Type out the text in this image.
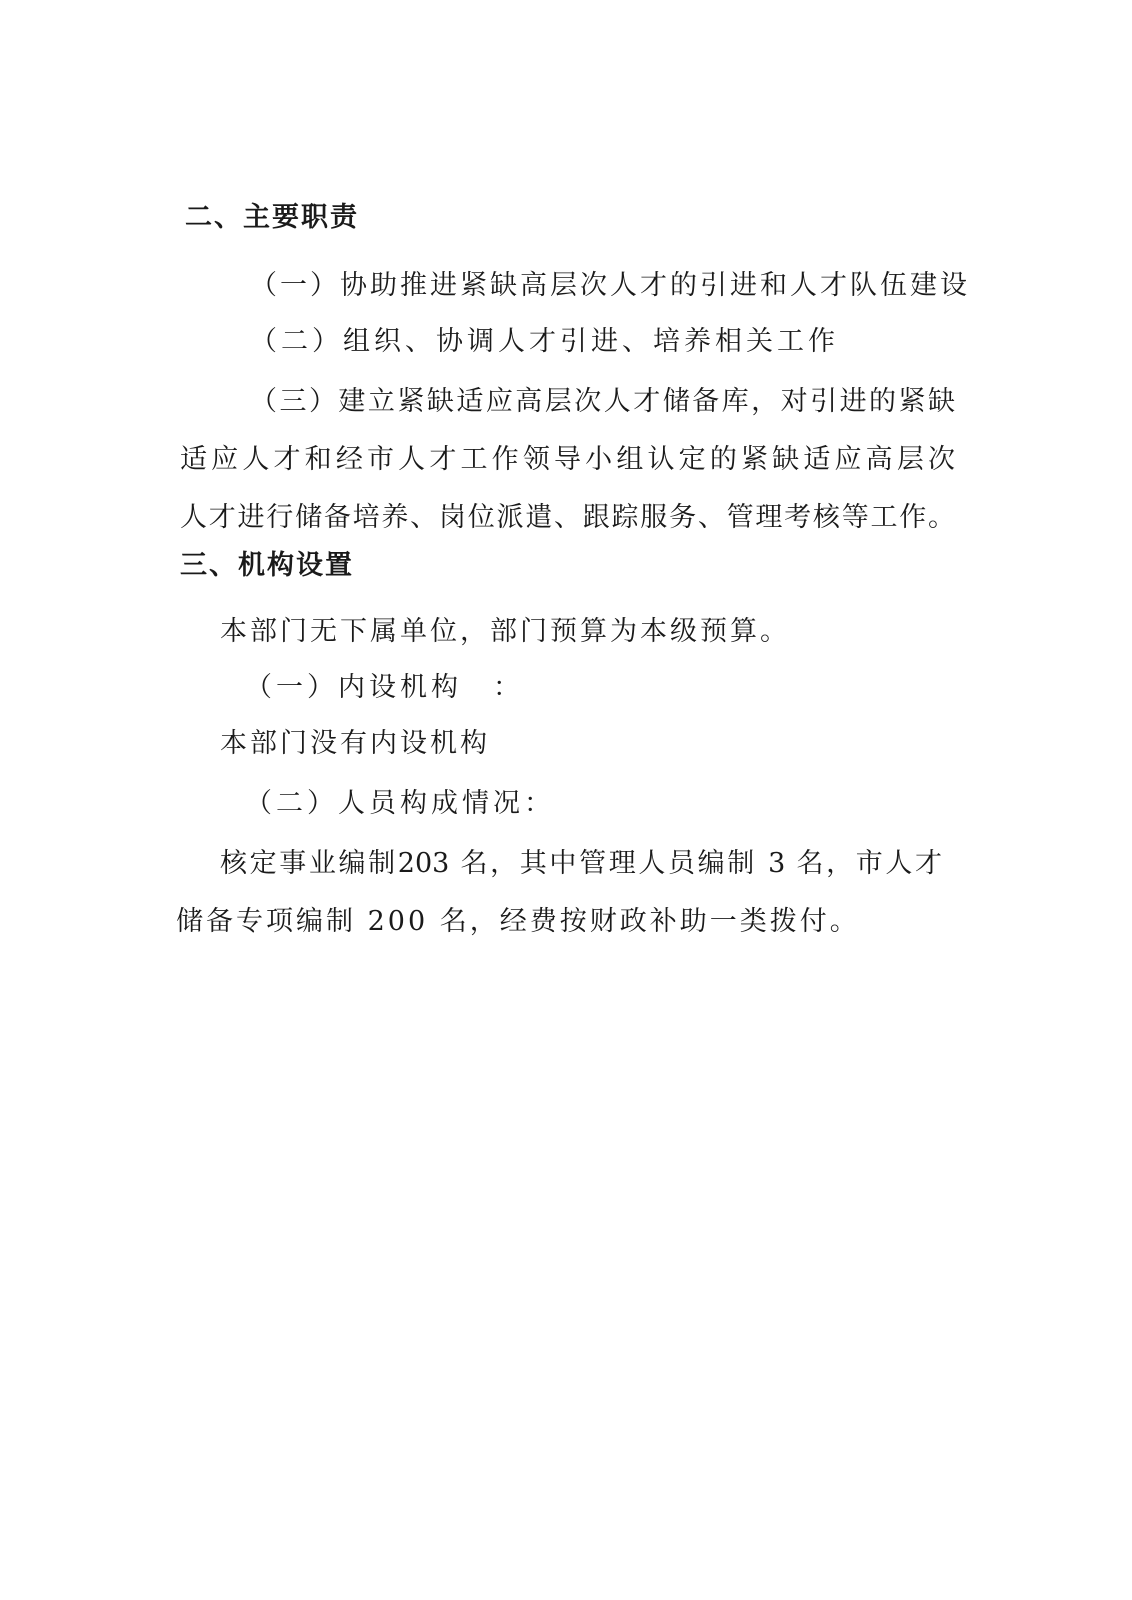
二、主要职责
（一）协助推进紧缺高层次人才的引进和人才队伍建设
（二）组织、协调人才引进、培养相关工作
（三）建立紧缺适应高层次人才储备库，对引进的紧缺
适应人才和经市人才工作领导小组认定的紧缺适应高层次
人才进行储备培养、岗位派遣、跟踪服务、管理考核等工作。
三、机构设置
本部门无下属单位，部门预算为本级预算。
（一）内设机构　：
本部门没有内设机构
（二）人员构成情况：
核定事业编制203 名，其中管理人员编制 3 名，市人才
储备专项编制 200 名，经费按财政补助一类拨付。
